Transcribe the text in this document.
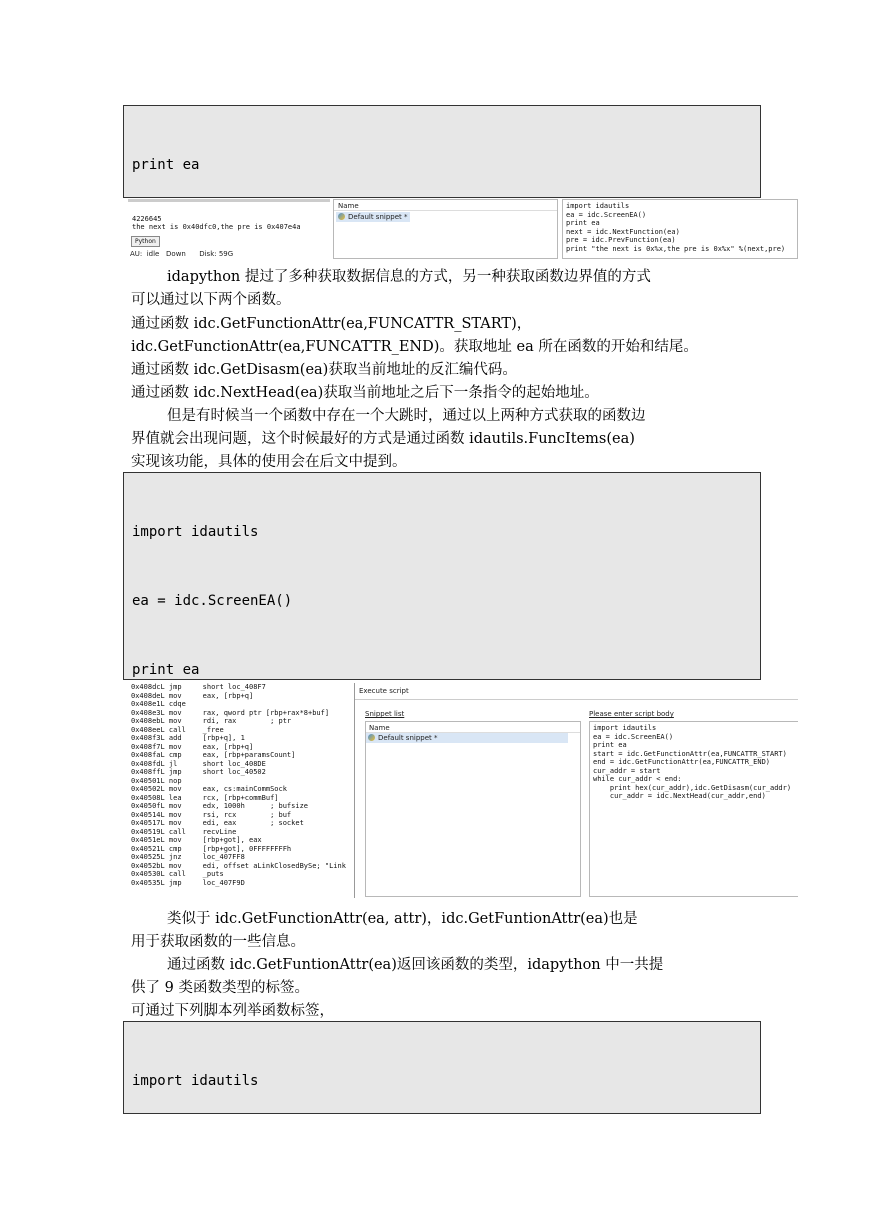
print ea

4226645
the next is 0x40dfc0,the pre is 0x407e4a
Python
AU:  idle   Down      Disk: 59G
Name
Default snippet *
import idautils
ea = idc.ScreenEA()
print ea
next = idc.NextFunction(ea)
pre = idc.PrevFunction(ea)
print "the next is 0x%x,the pre is 0x%x" %(next,pre)
idapython 提过了多种获取数据信息的方式，另一种获取函数边界值的方式
可以通过以下两个函数。
通过函数 idc.GetFunctionAttr(ea,FUNCATTR_START)，
idc.GetFunctionAttr(ea,FUNCATTR_END)。获取地址 ea 所在函数的开始和结尾。
通过函数 idc.GetDisasm(ea)获取当前地址的反汇编代码。
通过函数 idc.NextHead(ea)获取当前地址之后下一条指令的起始地址。
但是有时候当一个函数中存在一个大跳时，通过以上两种方式获取的函数边
界值就会出现问题，这个时候最好的方式是通过函数 idautils.FuncItems(ea)
实现该功能，具体的使用会在后文中提到。

import idautils

ea = idc.ScreenEA()

print ea

0x408dcL jmp     short loc_408F7
0x408deL mov     eax, [rbp+q]
0x408e1L cdqe
0x408e3L mov     rax, qword ptr [rbp+rax*8+buf]
0x408ebL mov     rdi, rax        ; ptr
0x408eeL call    _free
0x408f3L add     [rbp+q], 1
0x408f7L mov     eax, [rbp+q]
0x408faL cmp     eax, [rbp+paramsCount]
0x408fdL jl      short loc_408DE
0x408ffL jmp     short loc_40502
0x40501L nop
0x40502L mov     eax, cs:mainCommSock
0x40508L lea     rcx, [rbp+commBuf]
0x4050fL mov     edx, 1000h      ; bufsize
0x40514L mov     rsi, rcx        ; buf
0x40517L mov     edi, eax        ; socket
0x40519L call    recvLine
0x4051eL mov     [rbp+got], eax
0x40521L cmp     [rbp+got], 0FFFFFFFFh
0x40525L jnz     loc_407FF8
0x4052bL mov     edi, offset aLinkClosedBySe; "Link
0x40530L call    _puts
0x40535L jmp     loc_407F9D
Execute script
Snippet list
Name
Default snippet *
Please enter script body
import idautils
ea = idc.ScreenEA()
print ea
start = idc.GetFunctionAttr(ea,FUNCATTR_START)
end = idc.GetFunctionAttr(ea,FUNCATTR_END)
cur_addr = start
while cur_addr < end:
print hex(cur_addr),idc.GetDisasm(cur_addr)
cur_addr = idc.NextHead(cur_addr,end)
类似于 idc.GetFunctionAttr(ea, attr)，idc.GetFuntionAttr(ea)也是
用于获取函数的一些信息。
通过函数 idc.GetFuntionAttr(ea)返回该函数的类型，idapython 中一共提
供了 9 类函数类型的标签。
可通过下列脚本列举函数标签，

import idautils
